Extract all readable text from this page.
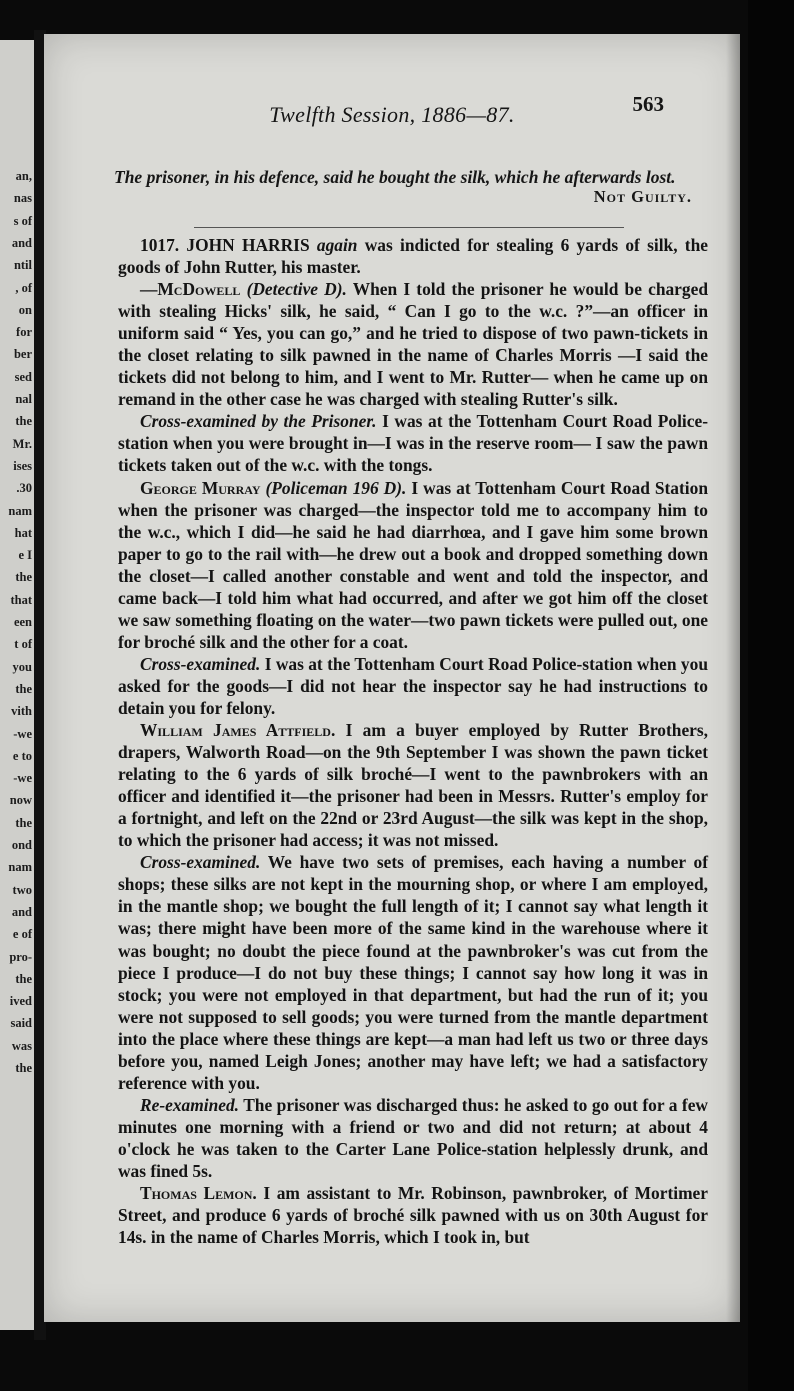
an,
nas
s of
and
ntil
, of
on
for
ber
sed
nal
the
Mr.
ises
.30
nam
hat
e I
the
that
een
t of
you
the
vith
-we
e to
-we
now
the
ond
nam
two
and
e of
pro-
the
ived
said
was
the
Twelfth Session, 1886—87.	563
The prisoner, in his defence, said he bought the silk, which he afterwards lost.
Not Guilty.

1017. JOHN HARRIS again was indicted for stealing 6 yards of silk, the goods of John Rutter, his master.

—McDowell (Detective D). When I told the prisoner he would be charged with stealing Hicks' silk, he said, “ Can I go to the w.c. ?”—an officer in uniform said “ Yes, you can go,” and he tried to dispose of two pawn-tickets in the closet relating to silk pawned in the name of Charles Morris —I said the tickets did not belong to him, and I went to Mr. Rutter— when he came up on remand in the other case he was charged with stealing Rutter's silk.

Cross-examined by the Prisoner. I was at the Tottenham Court Road Police-station when you were brought in—I was in the reserve room— I saw the pawn tickets taken out of the w.c. with the tongs.

George Murray (Policeman 196 D). I was at Tottenham Court Road Station when the prisoner was charged—the inspector told me to accompany him to the w.c., which I did—he said he had diarrhœa, and I gave him some brown paper to go to the rail with—he drew out a book and dropped something down the closet—I called another constable and went and told the inspector, and came back—I told him what had occurred, and after we got him off the closet we saw something floating on the water—two pawn tickets were pulled out, one for broché silk and the other for a coat.

Cross-examined. I was at the Tottenham Court Road Police-station when you asked for the goods—I did not hear the inspector say he had instructions to detain you for felony.

William James Attfield. I am a buyer employed by Rutter Brothers, drapers, Walworth Road—on the 9th September I was shown the pawn ticket relating to the 6 yards of silk broché—I went to the pawnbrokers with an officer and identified it—the prisoner had been in Messrs. Rutter's employ for a fortnight, and left on the 22nd or 23rd August—the silk was kept in the shop, to which the prisoner had access; it was not missed.

Cross-examined. We have two sets of premises, each having a number of shops; these silks are not kept in the mourning shop, or where I am employed, in the mantle shop; we bought the full length of it; I cannot say what length it was; there might have been more of the same kind in the warehouse where it was bought; no doubt the piece found at the pawnbroker's was cut from the piece I produce—I do not buy these things; I cannot say how long it was in stock; you were not employed in that department, but had the run of it; you were not supposed to sell goods; you were turned from the mantle department into the place where these things are kept—a man had left us two or three days before you, named Leigh Jones; another may have left; we had a satisfactory reference with you.

Re-examined. The prisoner was discharged thus: he asked to go out for a few minutes one morning with a friend or two and did not return; at about 4 o'clock he was taken to the Carter Lane Police-station helplessly drunk, and was fined 5s.

Thomas Lemon. I am assistant to Mr. Robinson, pawnbroker, of Mortimer Street, and produce 6 yards of broché silk pawned with us on 30th August for 14s. in the name of Charles Morris, which I took in, but
